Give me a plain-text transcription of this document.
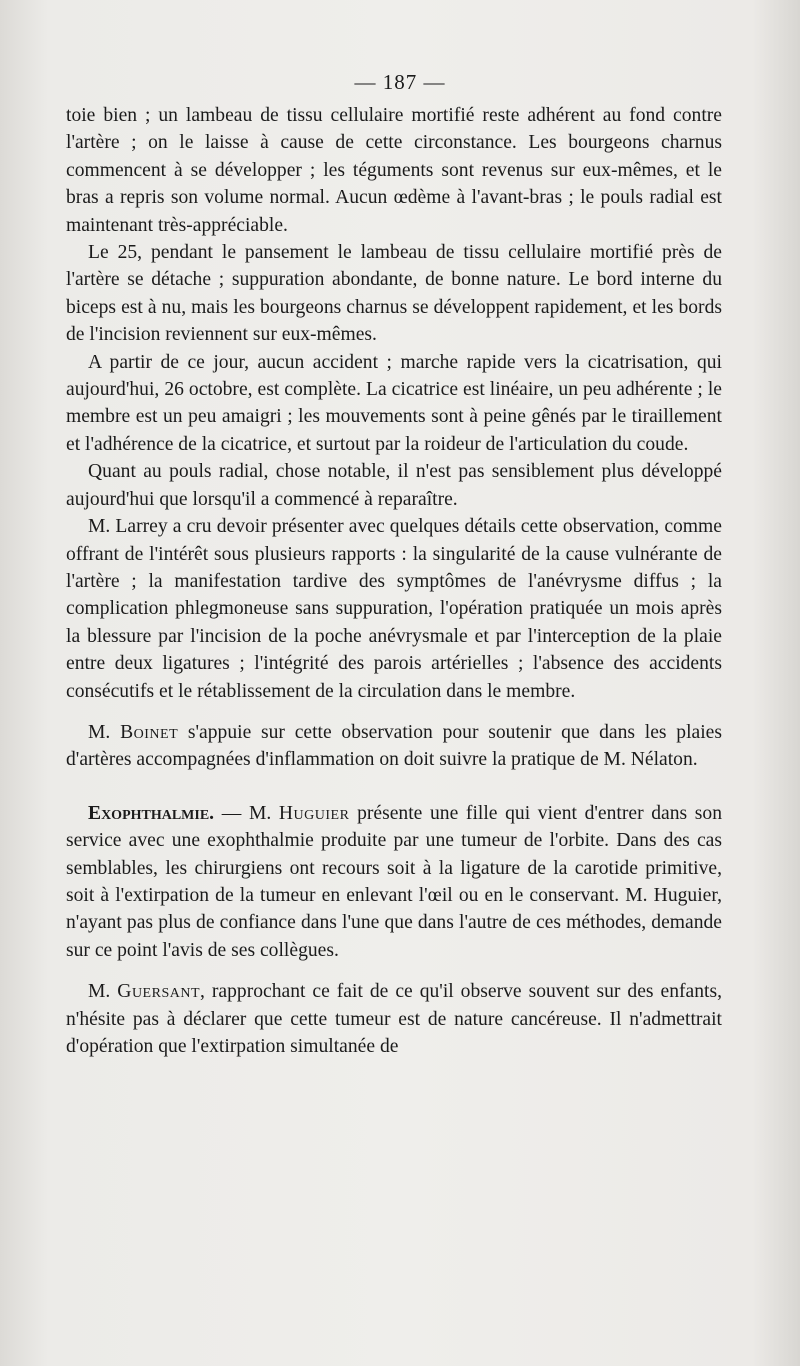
— 187 —

toie bien ; un lambeau de tissu cellulaire mortifié reste adhérent au fond contre l'artère ; on le laisse à cause de cette circonstance. Les bourgeons charnus commencent à se développer ; les téguments sont revenus sur eux-mêmes, et le bras a repris son volume normal. Aucun œdème à l'avant-bras ; le pouls radial est maintenant très-appréciable.

Le 25, pendant le pansement le lambeau de tissu cellulaire mortifié près de l'artère se détache ; suppuration abondante, de bonne nature. Le bord interne du biceps est à nu, mais les bourgeons charnus se développent rapidement, et les bords de l'incision reviennent sur eux-mêmes.

A partir de ce jour, aucun accident ; marche rapide vers la cicatrisation, qui aujourd'hui, 26 octobre, est complète. La cicatrice est linéaire, un peu adhérente ; le membre est un peu amaigri ; les mouvements sont à peine gênés par le tiraillement et l'adhérence de la cicatrice, et surtout par la roideur de l'articulation du coude.

Quant au pouls radial, chose notable, il n'est pas sensiblement plus développé aujourd'hui que lorsqu'il a commencé à reparaître.

M. Larrey a cru devoir présenter avec quelques détails cette observation, comme offrant de l'intérêt sous plusieurs rapports : la singularité de la cause vulnérante de l'artère ; la manifestation tardive des symptômes de l'anévrysme diffus ; la complication phlegmoneuse sans suppuration, l'opération pratiquée un mois après la blessure par l'incision de la poche anévrysmale et par l'interception de la plaie entre deux ligatures ; l'intégrité des parois artérielles ; l'absence des accidents consécutifs et le rétablissement de la circulation dans le membre.

M. Boinet s'appuie sur cette observation pour soutenir que dans les plaies d'artères accompagnées d'inflammation on doit suivre la pratique de M. Nélaton.

Exophthalmie. — M. Huguier présente une fille qui vient d'entrer dans son service avec une exophthalmie produite par une tumeur de l'orbite. Dans des cas semblables, les chirurgiens ont recours soit à la ligature de la carotide primitive, soit à l'extirpation de la tumeur en enlevant l'œil ou en le conservant. M. Huguier, n'ayant pas plus de confiance dans l'une que dans l'autre de ces méthodes, demande sur ce point l'avis de ses collègues.

M. Guersant, rapprochant ce fait de ce qu'il observe souvent sur des enfants, n'hésite pas à déclarer que cette tumeur est de nature cancéreuse. Il n'admettrait d'opération que l'extirpation simultanée de
